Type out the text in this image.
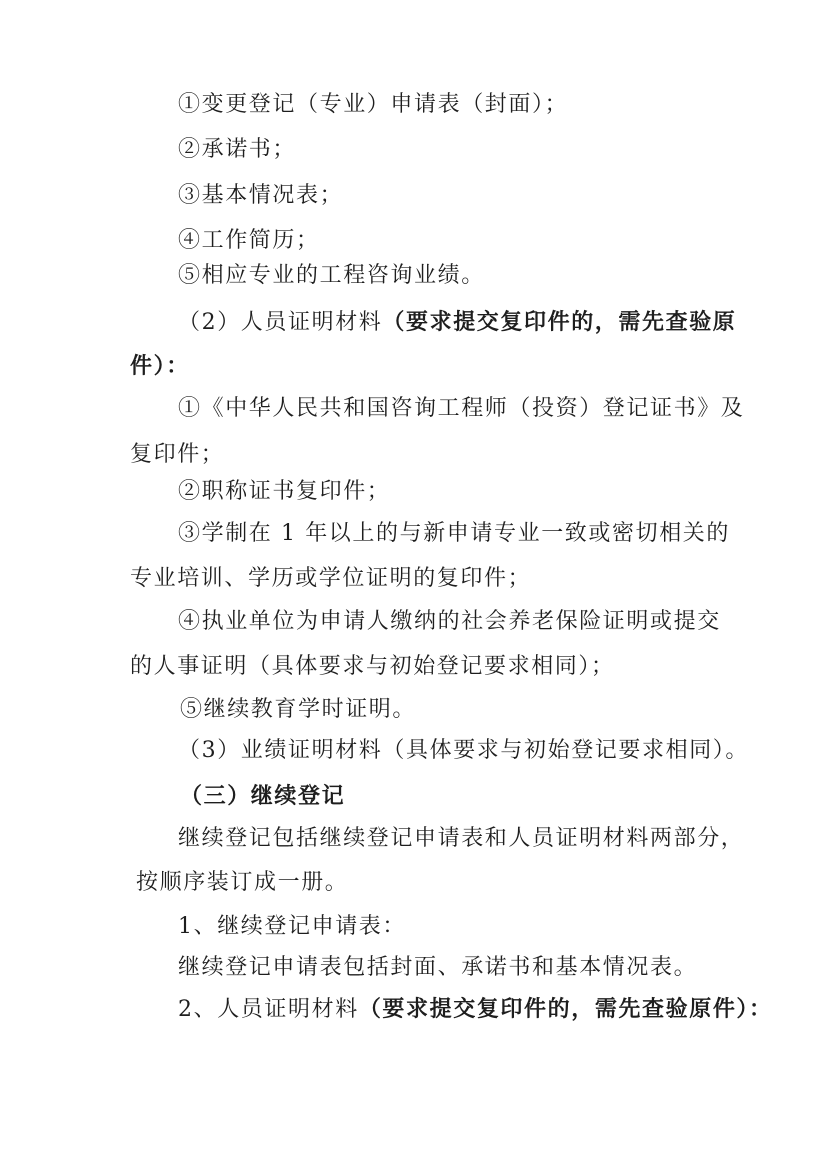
①变更登记（专业）申请表（封面）；
②承诺书；
③基本情况表；
④工作简历；
⑤相应专业的工程咨询业绩。
（2）人员证明材料（要求提交复印件的，需先查验原
件）：
①《中华人民共和国咨询工程师（投资）登记证书》及
复印件；
②职称证书复印件；
③学制在 1 年以上的与新申请专业一致或密切相关的
专业培训、学历或学位证明的复印件；
④执业单位为申请人缴纳的社会养老保险证明或提交
的人事证明（具体要求与初始登记要求相同）；
⑤继续教育学时证明。
（3）业绩证明材料（具体要求与初始登记要求相同）。
（三）继续登记
继续登记包括继续登记申请表和人员证明材料两部分，
按顺序装订成一册。
1、继续登记申请表：
继续登记申请表包括封面、承诺书和基本情况表。
2、人员证明材料（要求提交复印件的，需先查验原件）：
